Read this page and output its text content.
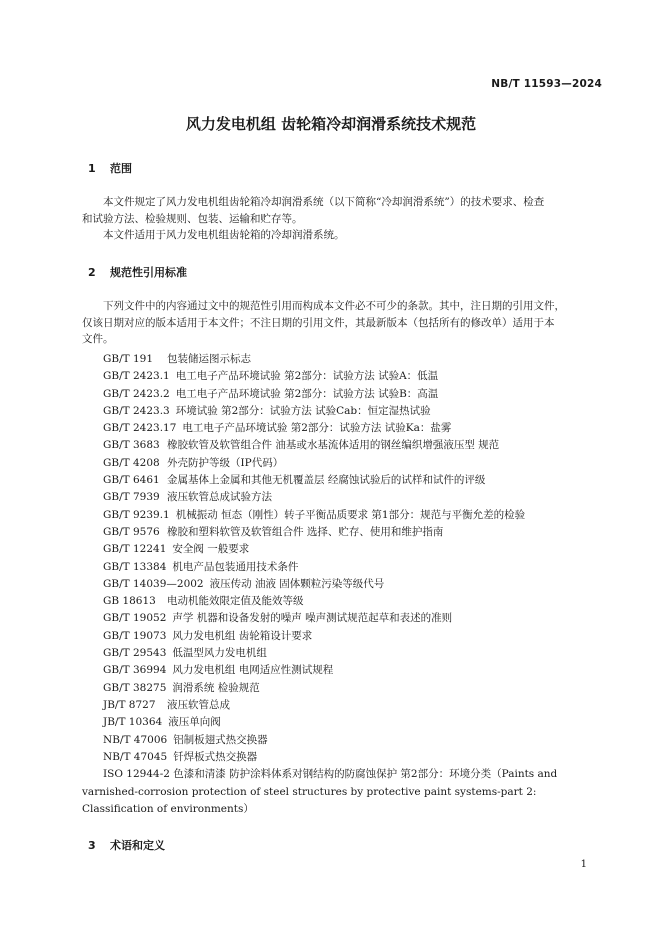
NB/T 11593—2024
风力发电机组 齿轮箱冷却润滑系统技术规范
1 范围
本文件规定了风力发电机组齿轮箱冷却润滑系统（以下简称“冷却润滑系统”）的技术要求、检查
和试验方法、检验规则、包装、运输和贮存等。
本文件适用于风力发电机组齿轮箱的冷却润滑系统。
2 规范性引用标准
下列文件中的内容通过文中的规范性引用而构成本文件必不可少的条款。其中，注日期的引用文件，
仅该日期对应的版本适用于本文件；不注日期的引用文件，其最新版本（包括所有的修改单）适用于本
文件。
GB/T 191 包装储运图示标志
GB/T 2423.1 电工电子产品环境试验 第2部分：试验方法 试验A：低温
GB/T 2423.2 电工电子产品环境试验 第2部分：试验方法 试验B：高温
GB/T 2423.3 环境试验 第2部分：试验方法 试验Cab：恒定湿热试验
GB/T 2423.17 电工电子产品环境试验 第2部分：试验方法 试验Ka：盐雾
GB/T 3683 橡胶软管及软管组合件 油基或水基流体适用的钢丝编织增强液压型 规范
GB/T 4208 外壳防护等级（IP代码）
GB/T 6461 金属基体上金属和其他无机覆盖层 经腐蚀试验后的试样和试件的评级
GB/T 7939 液压软管总成试验方法
GB/T 9239.1 机械振动 恒态（刚性）转子平衡品质要求 第1部分：规范与平衡允差的检验
GB/T 9576 橡胶和塑料软管及软管组合件 选择、贮存、使用和维护指南
GB/T 12241 安全阀 一般要求
GB/T 13384 机电产品包装通用技术条件
GB/T 14039—2002 液压传动 油液 固体颗粒污染等级代号
GB 18613 电动机能效限定值及能效等级
GB/T 19052 声学 机器和设备发射的噪声 噪声测试规范起草和表述的准则
GB/T 19073 风力发电机组 齿轮箱设计要求
GB/T 29543 低温型风力发电机组
GB/T 36994 风力发电机组 电网适应性测试规程
GB/T 38275 润滑系统 检验规范
JB/T 8727 液压软管总成
JB/T 10364 液压单向阀
NB/T 47006 铝制板翅式热交换器
NB/T 47045 钎焊板式热交换器
ISO 12944-2 色漆和清漆 防护涂料体系对钢结构的防腐蚀保护 第2部分：环境分类（Paints and
varnished-corrosion protection of steel structures by protective paint systems-part 2:
Classification of environments）
3 术语和定义
1
